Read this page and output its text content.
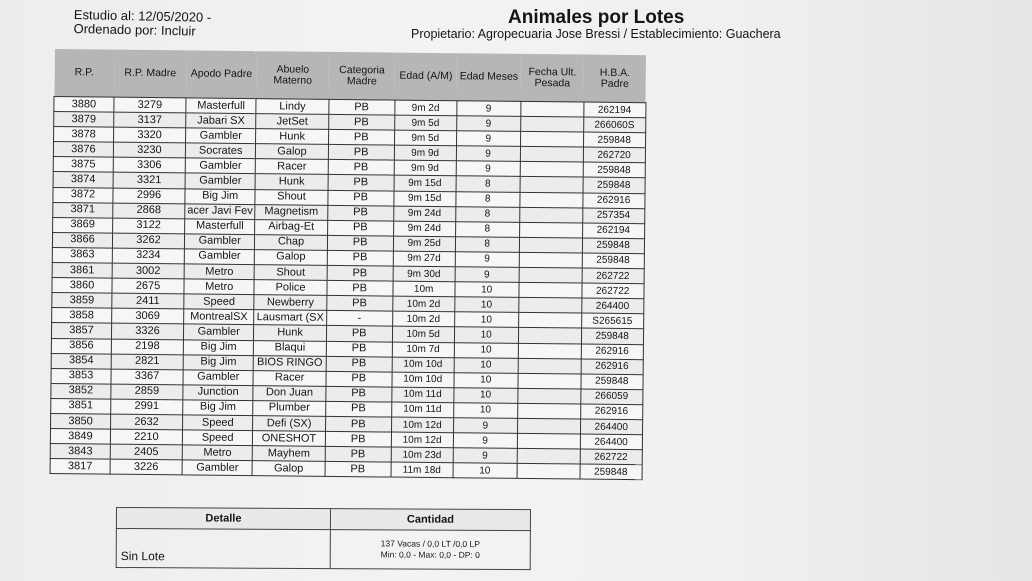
Estudio al: 12/05/2020 -
Ordenado por: Incluir
Animales por Lotes
Propietario: Agropecuaria Jose Bressi / Establecimiento: Guachera
R.P.	R.P. Madre	Apodo Padre	Abuelo Materno	Categoria Madre	Edad (A/M)	Edad Meses	Fecha Ult. Pesada	H.B.A. Padre
3880	3279	Masterfull	Lindy	PB	9m 2d	9		262194
3879	3137	Jabari SX	JetSet	PB	9m 5d	9		266060S
3878	3320	Gambler	Hunk	PB	9m 5d	9		259848
3876	3230	Socrates	Galop	PB	9m 9d	9		262720
3875	3306	Gambler	Racer	PB	9m 9d	9		259848
3874	3321	Gambler	Hunk	PB	9m 15d	8		259848
3872	2996	Big Jim	Shout	PB	9m 15d	8		262916
3871	2868	acer Javi Fev	Magnetism	PB	9m 24d	8		257354
3869	3122	Masterfull	Airbag-Et	PB	9m 24d	8		262194
3866	3262	Gambler	Chap	PB	9m 25d	8		259848
3863	3234	Gambler	Galop	PB	9m 27d	9		259848
3861	3002	Metro	Shout	PB	9m 30d	9		262722
3860	2675	Metro	Police	PB	10m	10		262722
3859	2411	Speed	Newberry	PB	10m 2d	10		264400
3858	3069	MontrealSX	Lausmart (SX	-	10m 2d	10		S265615
3857	3326	Gambler	Hunk	PB	10m 5d	10		259848
3856	2198	Big Jim	Blaqui	PB	10m 7d	10		262916
3854	2821	Big Jim	BIOS RINGO	PB	10m 10d	10		262916
3853	3367	Gambler	Racer	PB	10m 10d	10		259848
3852	2859	Junction	Don Juan	PB	10m 11d	10		266059
3851	2991	Big Jim	Plumber	PB	10m 11d	10		262916
3850	2632	Speed	Defi (SX)	PB	10m 12d	9		264400
3849	2210	Speed	ONESHOT	PB	10m 12d	9		264400
3843	2405	Metro	Mayhem	PB	10m 23d	9		262722
3817	3226	Gambler	Galop	PB	11m 18d	10		259848
Detalle	Cantidad
Sin Lote	137 Vacas / 0,0 LT /0,0 LP
Min: 0,0 - Max: 0,0 - DP: 0
